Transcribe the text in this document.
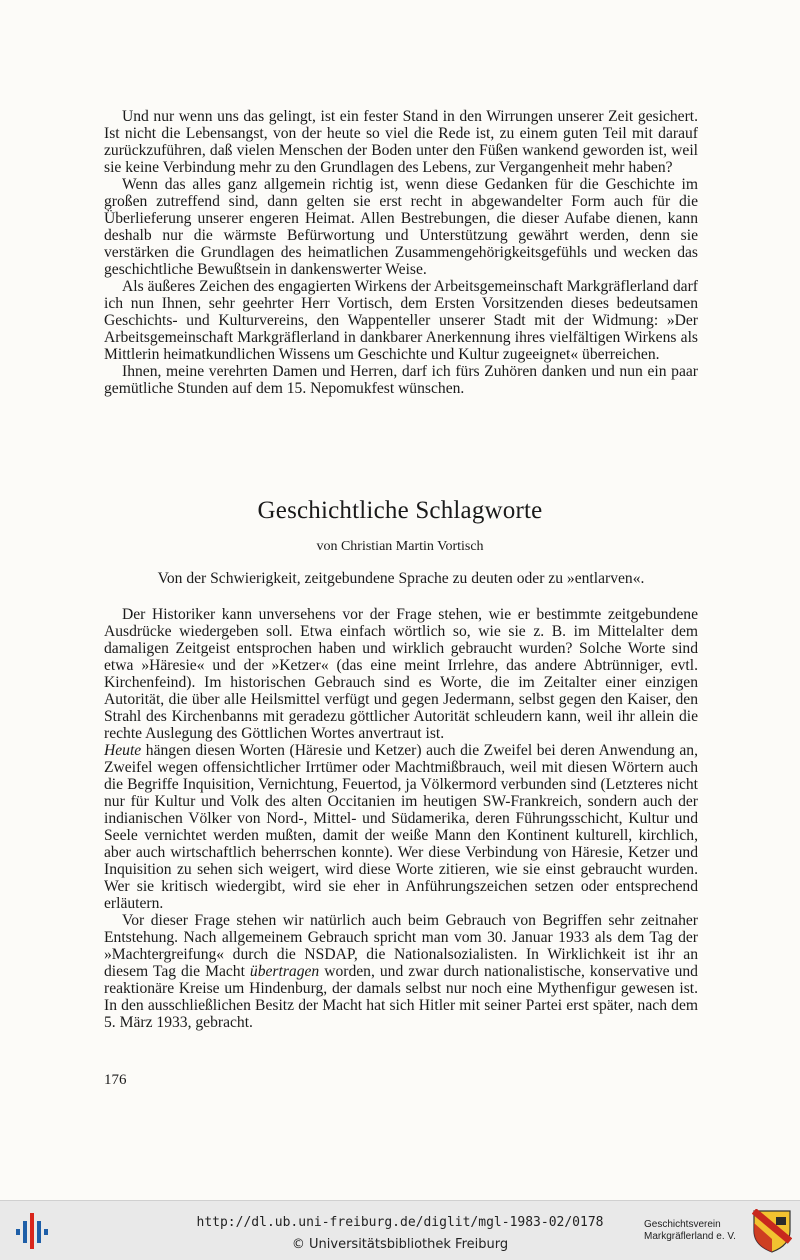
Und nur wenn uns das gelingt, ist ein fester Stand in den Wirrungen unserer Zeit gesichert. Ist nicht die Lebensangst, von der heute so viel die Rede ist, zu einem guten Teil mit darauf zurückzuführen, daß vielen Menschen der Boden unter den Füßen wankend geworden ist, weil sie keine Verbindung mehr zu den Grundlagen des Lebens, zur Vergangenheit mehr haben?

Wenn das alles ganz allgemein richtig ist, wenn diese Gedanken für die Geschichte im großen zutreffend sind, dann gelten sie erst recht in abgewandelter Form auch für die Überlieferung unserer engeren Heimat. Allen Bestrebungen, die dieser Aufabe dienen, kann deshalb nur die wärmste Befürwortung und Unterstützung gewährt werden, denn sie verstärken die Grundlagen des heimatlichen Zusammengehörigkeitsgefühls und wecken das geschichtliche Bewußtsein in dankenswerter Weise.

Als äußeres Zeichen des engagierten Wirkens der Arbeitsgemeinschaft Markgräflerland darf ich nun Ihnen, sehr geehrter Herr Vortisch, dem Ersten Vorsitzenden dieses bedeutsamen Geschichts- und Kulturvereins, den Wappenteller unserer Stadt mit der Widmung: »Der Arbeitsgemeinschaft Markgräflerland in dankbarer Anerkennung ihres vielfältigen Wirkens als Mittlerin heimatkundlichen Wissens um Geschichte und Kultur zugeeignet« überreichen.

Ihnen, meine verehrten Damen und Herren, darf ich fürs Zuhören danken und nun ein paar gemütliche Stunden auf dem 15. Nepomukfest wünschen.

Geschichtliche Schlagworte
von Christian Martin Vortisch
Von der Schwierigkeit, zeitgebundene Sprache zu deuten oder zu »entlarven«.

Der Historiker kann unversehens vor der Frage stehen, wie er bestimmte zeitgebundene Ausdrücke wiedergeben soll. Etwa einfach wörtlich so, wie sie z. B. im Mittelalter dem damaligen Zeitgeist entsprochen haben und wirklich gebraucht wurden? Solche Worte sind etwa »Häresie« und der »Ketzer« (das eine meint Irrlehre, das andere Abtrünniger, evtl. Kirchenfeind). Im historischen Gebrauch sind es Worte, die im Zeitalter einer einzigen Autorität, die über alle Heilsmittel verfügt und gegen Jedermann, selbst gegen den Kaiser, den Strahl des Kirchenbanns mit geradezu göttlicher Autorität schleudern kann, weil ihr allein die rechte Auslegung des Göttlichen Wortes anvertraut ist.
Heute hängen diesen Worten (Häresie und Ketzer) auch die Zweifel bei deren Anwendung an, Zweifel wegen offensichtlicher Irrtümer oder Machtmißbrauch, weil mit diesen Wörtern auch die Begriffe Inquisition, Vernichtung, Feuertod, ja Völkermord verbunden sind (Letzteres nicht nur für Kultur und Volk des alten Occitanien im heutigen SW-Frankreich, sondern auch der indianischen Völker von Nord-, Mittel- und Südamerika, deren Führungsschicht, Kultur und Seele vernichtet werden mußten, damit der weiße Mann den Kontinent kulturell, kirchlich, aber auch wirtschaftlich beherrschen konnte). Wer diese Verbindung von Häresie, Ketzer und Inquisition zu sehen sich weigert, wird diese Worte zitieren, wie sie einst gebraucht wurden. Wer sie kritisch wiedergibt, wird sie eher in Anführungszeichen setzen oder entsprechend erläutern.

Vor dieser Frage stehen wir natürlich auch beim Gebrauch von Begriffen sehr zeitnaher Entstehung. Nach allgemeinem Gebrauch spricht man vom 30. Januar 1933 als dem Tag der »Machtergreifung« durch die NSDAP, die Nationalsozialisten. In Wirklichkeit ist ihr an diesem Tag die Macht übertragen worden, und zwar durch nationalistische, konservative und reaktionäre Kreise um Hindenburg, der damals selbst nur noch eine Mythenfigur gewesen ist. In den ausschließlichen Besitz der Macht hat sich Hitler mit seiner Partei erst später, nach dem 5. März 1933, gebracht.

176
http://dl.ub.uni-freiburg.de/diglit/mgl-1983-02/0178
© Universitätsbibliothek Freiburg
Geschichtsverein
Markgräflerland e. V.
